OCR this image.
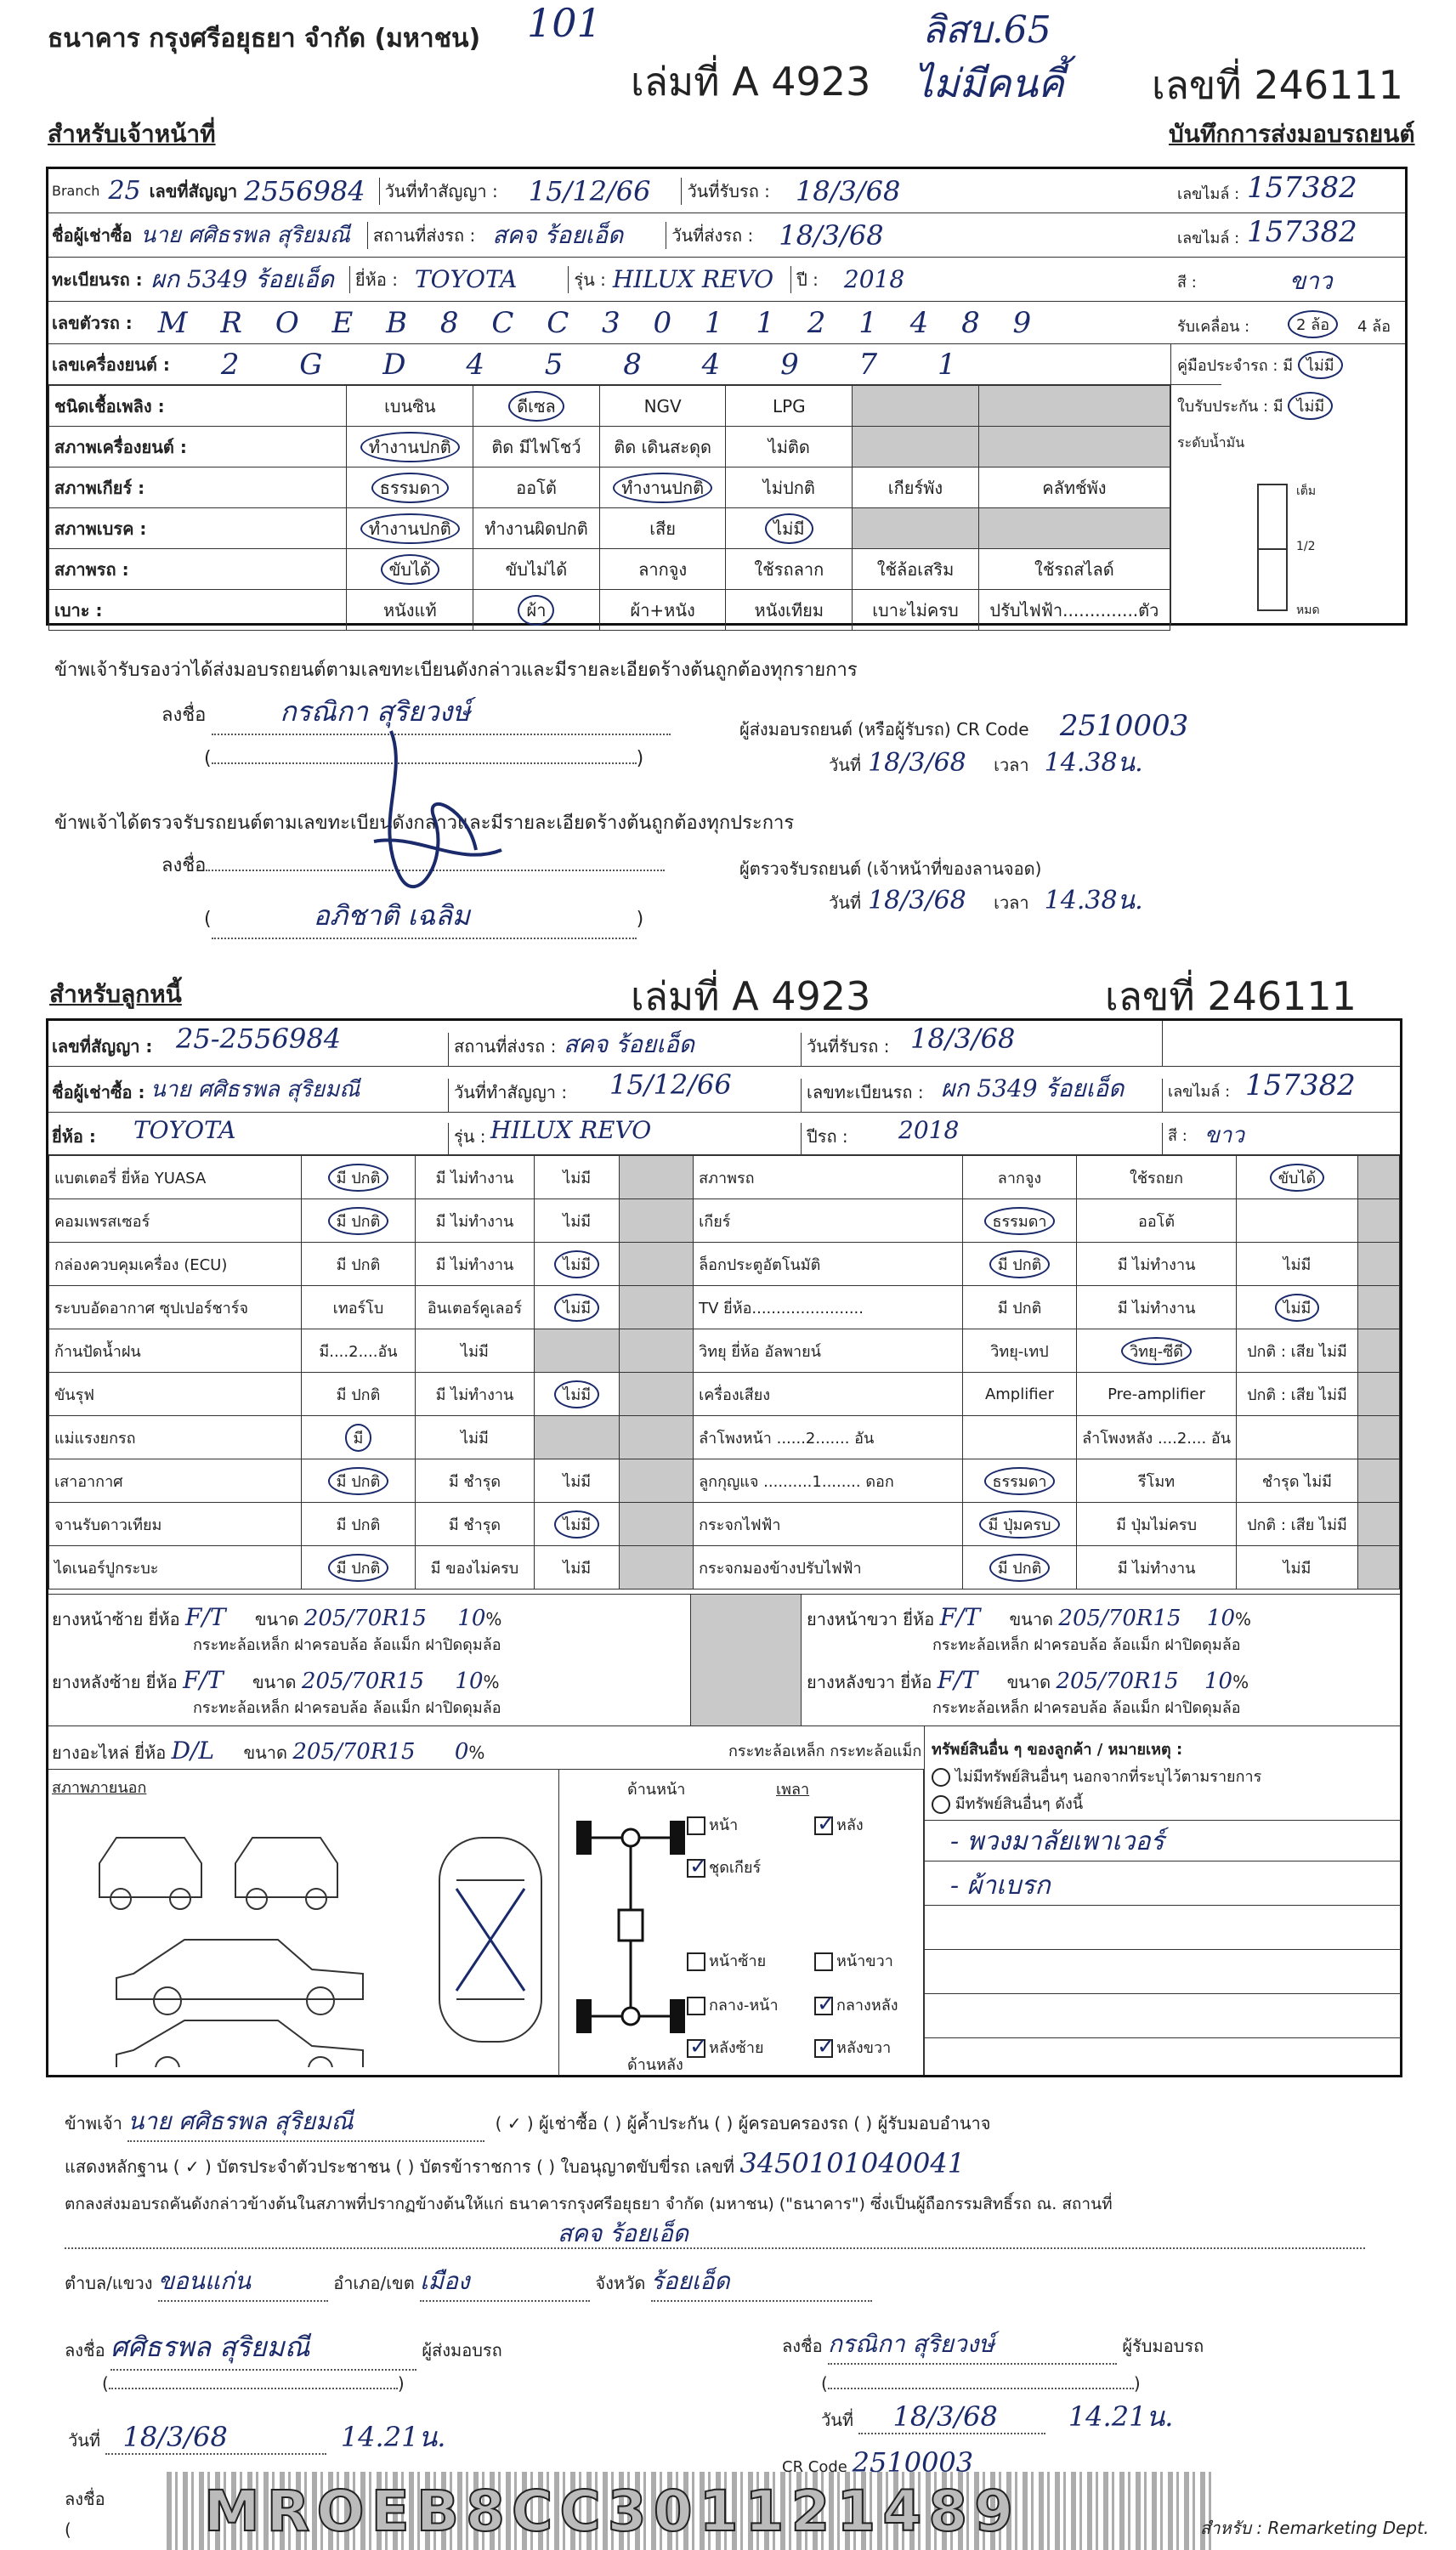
ธนาคาร กรุงศรีอยุธยา จำกัด (มหาชน) 101	ลิสบ.65
ไม่มีคนคี้
เล่มที่ A 4923	เลขที่ 246111
สำหรับเจ้าหน้าที่	บันทึกการส่งมอบรถยนต์
Branch 25 เลขที่สัญญา 2556984	วันที่ทำสัญญา : 15/12/66	วันที่รับรถ : 18/3/68	เลขไมล์ : 157382
ชื่อผู้เช่าซื้อ นาย ศศิธรพล สุริยมณี	สถานที่ส่งรถ : สคจ ร้อยเอ็ด	วันที่ส่งรถ : 18/3/68	เลขไมล์ : 157382
ทะเบียนรถ : ผก 5349 ร้อยเอ็ด	ยี่ห้อ : TOYOTA	รุ่น : HILUX REVO	ปี : 2018	สี :	ขาว
เลขตัวรถ : M R O E B 8 C C 3 0 1 1 2 1 4 8 9	รับเคลื่อน :	2 ล้อ	4 ล้อ
เลขเครื่องยนต์ : 2 G D 4 5 8 4 9 7 1	คู่มือประจำรถ : มี ไม่มี
ใบรับประกัน : มี ไม่มี
ระดับน้ำมัน
เต็ม
1/2
หมด
ชนิดเชื้อเพลิง :	เบนซิน	ดีเซล	NGV	LPG		
สภาพเครื่องยนต์ :	ทำงานปกติ	ติด มีไฟโชว์	ติด เดินสะดุด	ไม่ติด		
สภาพเกียร์ :	ธรรมดา	ออโต้	ทำงานปกติ	ไม่ปกติ	เกียร์พัง	คลัทช์พัง
สภาพเบรค :	ทำงานปกติ	ทำงานผิดปกติ	เสีย	ไม่มี		
สภาพรถ :	ขับได้	ขับไม่ได้	ลากจูง	ใช้รถลาก	ใช้ล้อเสริม	ใช้รถสไลด์
เบาะ :	หนังแท้	ผ้า	ผ้า+หนัง	หนังเทียม	เบาะไม่ครบ	ปรับไฟฟ้า..............ตัว
ข้าพเจ้ารับรองว่าได้ส่งมอบรถยนต์ตามเลขทะเบียนดังกล่าวและมีรายละเอียดร้างต้นถูกต้องทุกรายการ
ลงชื่อ	กรณิกา สุริยวงษ์
ผู้ส่งมอบรถยนต์ (หรือผู้รับรถ) CR Code 2510003
(	)	วันที่ 18/3/68 เวลา 14.38น.
ข้าพเจ้าได้ตรวจรับรถยนต์ตามเลขทะเบียนดังกล่าวและมีรายละเอียดร้างต้นถูกต้องทุกประการ
ลงชื่อ	ผู้ตรวจรับรถยนต์ (เจ้าหน้าที่ของลานจอด)
(	อภิชาติ เฉลิม	)
วันที่ 18/3/68 เวลา 14.38น.
สำหรับลูกหนี้	เล่มที่ A 4923	เลขที่ 246111
เลขที่สัญญา : 25-2556984	สถานที่ส่งรถ : สคจ ร้อยเอ็ด	วันที่รับรถ : 18/3/68
ชื่อผู้เช่าซื้อ : นาย ศศิธรพล สุริยมณี	วันที่ทำสัญญา : 15/12/66	เลขทะเบียนรถ : ผก 5349 ร้อยเอ็ด	เลขไมล์ : 157382
ยี่ห้อ : TOYOTA	รุ่น : HILUX REVO	ปีรถ : 2018	สี : ขาว
แบตเตอรี่ ยี่ห้อ YUASA	มี ปกติ	มี ไม่ทำงาน	ไม่มี		สภาพรถ	ลากจูง	ใช้รถยก	ขับได้	
คอมเพรสเซอร์	มี ปกติ	มี ไม่ทำงาน	ไม่มี		เกียร์	ธรรมดา	ออโต้		
กล่องควบคุมเครื่อง (ECU)	มี ปกติ	มี ไม่ทำงาน	ไม่มี		ล็อกประตูอัตโนมัติ	มี ปกติ	มี ไม่ทำงาน	ไม่มี	
ระบบอัดอากาศ ซุปเปอร์ชาร์จ	เทอร์โบ	อินเตอร์คูเลอร์	ไม่มี		TV ยี่ห้อ.......................	มี ปกติ	มี ไม่ทำงาน	ไม่มี	
ก้านปัดน้ำฝน	มี....2....อัน	ไม่มี			วิทยุ ยี่ห้อ อัลพายน์	วิทยุ-เทป	วิทยุ-ซีดี	ปกติ : เสีย ไม่มี	
ขันรุฟ	มี ปกติ	มี ไม่ทำงาน	ไม่มี		เครื่องเสียง	Amplifier	Pre-amplifier	ปกติ : เสีย ไม่มี	
แม่แรงยกรถ	มี	ไม่มี			ลำโพงหน้า ......2....... อัน		ลำโพงหลัง ....2.... อัน		
เสาอากาศ	มี ปกติ	มี ชำรุด	ไม่มี		ลูกกุญแจ ..........1........ ดอก	ธรรมดา	รีโมท	ชำรุด ไม่มี	
จานรับดาวเทียม	มี ปกติ	มี ชำรุด	ไม่มี		กระจกไฟฟ้า	มี ปุ่มครบ	มี ปุ่มไม่ครบ	ปกติ : เสีย ไม่มี	
ไดเนอร์ปูกระบะ	มี ปกติ	มี ของไม่ครบ	ไม่มี		กระจกมองข้างปรับไฟฟ้า	มี ปกติ	มี ไม่ทำงาน	ไม่มี	
ยางหน้าซ้าย ยี่ห้อ F/T ขนาด 205/70R15 10%
กระทะล้อเหล็ก ฝาครอบล้อ ล้อแม็ก ฝาปิดดุมล้อ
ยางหน้าขวา ยี่ห้อ F/T ขนาด 205/70R15 10%
กระทะล้อเหล็ก ฝาครอบล้อ ล้อแม็ก ฝาปิดดุมล้อ
ยางหลังซ้าย ยี่ห้อ F/T ขนาด 205/70R15 10%
กระทะล้อเหล็ก ฝาครอบล้อ ล้อแม็ก ฝาปิดดุมล้อ
ยางหลังขวา ยี่ห้อ F/T ขนาด 205/70R15 10%
กระทะล้อเหล็ก ฝาครอบล้อ ล้อแม็ก ฝาปิดดุมล้อ
ยางอะไหล่ ยี่ห้อ D/L ขนาด 205/70R15 0%	กระทะล้อเหล็ก กระทะล้อแม็ก
สภาพภายนอก	ด้านหน้า	เพลา
ด้านหลัง
หน้า ✓	หลัง
✓ชุดเกียร์
หน้าซ้าย	หน้าขวา
กลาง-หน้า ✓	กลางหลัง
✓หลังซ้าย ✓	หลังขวา
ทรัพย์สินอื่น ๆ ของลูกค้า / หมายเหตุ :
ไม่มีทรัพย์สินอื่นๆ นอกจากที่ระบุไว้ตามรายการ
มีทรัพย์สินอื่นๆ ดังนี้
- พวงมาลัยเพาเวอร์
- ผ้าเบรก
ข้าพเจ้า นาย ศศิธรพล สุริยมณี	( ✓ ) ผู้เช่าซื้อ ( ) ผู้ค้ำประกัน ( ) ผู้ครอบครองรถ ( ) ผู้รับมอบอำนาจ
แสดงหลักฐาน ( ✓ ) บัตรประจำตัวประชาชน ( ) บัตรข้าราชการ ( ) ใบอนุญาตขับขี่รถ เลขที่ 3450101040041
ตกลงส่งมอบรถคันดังกล่าวข้างต้นในสภาพที่ปรากฏข้างต้นให้แก่ ธนาคารกรุงศรีอยุธยา จำกัด (มหาชน) ("ธนาคาร") ซึ่งเป็นผู้ถือกรรมสิทธิ์รถ ณ. สถานที่
สคจ ร้อยเอ็ด
ตำบล/แขวง ขอนแก่น	อำเภอ/เขต เมือง	จังหวัด ร้อยเอ็ด
ลงชื่อ ศศิธรพล สุริยมณี	ผู้ส่งมอบรถ	ลงชื่อ กรณิกา สุริยวงษ์	ผู้รับมอบรถ
(	)	(	)
วันที่ 18/3/68	14.21น.
วันที่ 18/3/68	14.21น.
CR Code 2510003
ลงชื่อ
( MROEB8CC301121489	สำหรับ : Remarketing Dept.
